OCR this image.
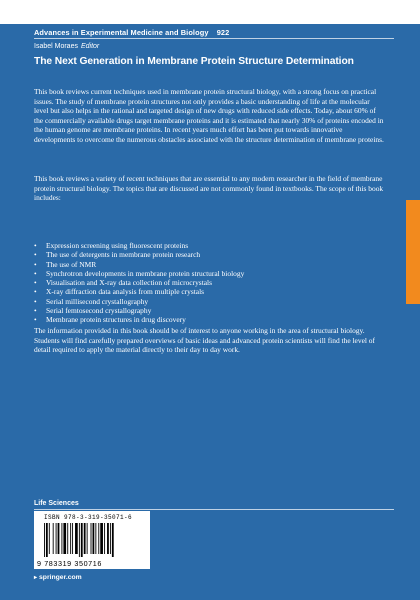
Advances in Experimental Medicine and Biology 922
Isabel Moraes Editor
The Next Generation in Membrane Protein Structure Determination

This book reviews current techniques used in membrane protein structural biology, with a strong focus on practical issues. The study of membrane protein structures not only provides a basic understanding of life at the molecular level but also helps in the rational and targeted design of new drugs with reduced side effects. Today, about 60% of the commercially available drugs target membrane proteins and it is estimated that nearly 30% of proteins encoded in the human genome are membrane proteins. In recent years much effort has been put towards innovative developments to overcome the numerous obstacles associated with the structure determination of membrane proteins.

This book reviews a variety of recent techniques that are essential to any modern researcher in the field of membrane protein structural biology. The topics that are discussed are not commonly found in textbooks. The scope of this book includes:

• Expression screening using fluorescent proteins
• The use of detergents in membrane protein research
• The use of NMR
• Synchrotron developments in membrane protein structural biology
• Visualisation and X-ray data collection of microcrystals
• X-ray diffraction data analysis from multiple crystals
• Serial millisecond crystallography
• Serial femtosecond crystallography
• Membrane protein structures in drug discovery

The information provided in this book should be of interest to anyone working in the area of structural biology. Students will find carefully prepared overviews of basic ideas and advanced protein scientists will find the level of detail required to apply the material directly to their day to day work.

Life Sciences
ISBN 978-3-319-35071-6
9 783319 350716
▸ springer.com
